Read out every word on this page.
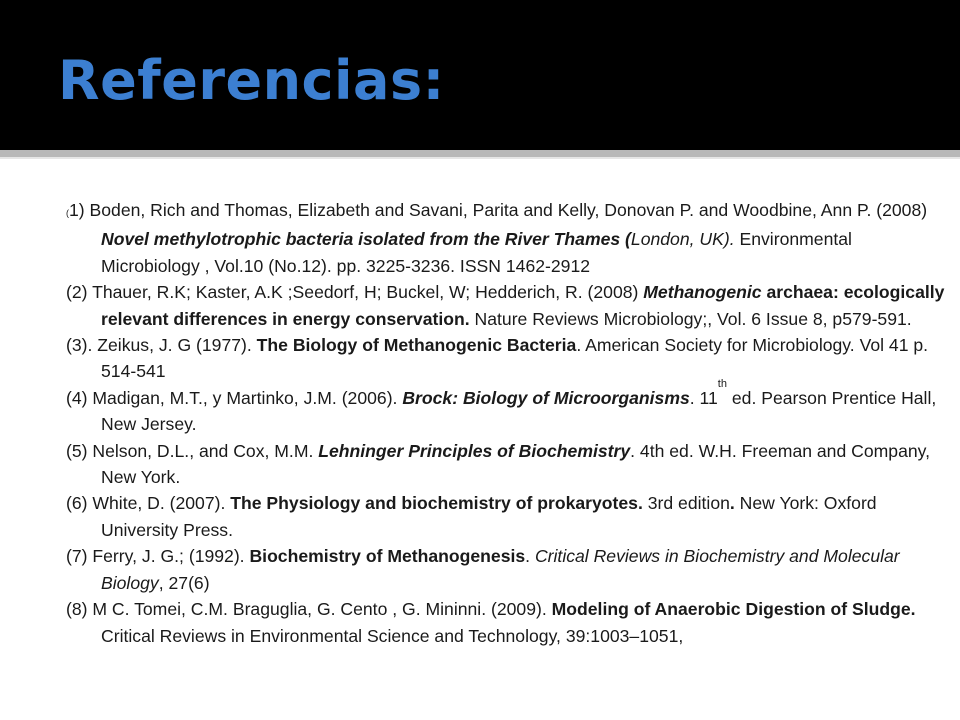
Referencias:
(1) Boden, Rich and Thomas, Elizabeth and Savani, Parita and Kelly, Donovan P. and Woodbine, Ann P. (2008) Novel methylotrophic bacteria isolated from the River Thames (London, UK). Environmental Microbiology , Vol.10 (No.12). pp. 3225-3236. ISSN 1462-2912
(2) Thauer, R.K; Kaster, A.K ;Seedorf, H; Buckel, W; Hedderich, R. (2008) Methanogenic archaea: ecologically relevant differences in energy conservation. Nature Reviews Microbiology;, Vol. 6 Issue 8, p579-591.
(3). Zeikus, J. G (1977). The Biology of Methanogenic Bacteria. American Society for Microbiology. Vol 41 p. 514-541
(4) Madigan, M.T., y Martinko, J.M. (2006). Brock: Biology of Microorganisms. 11th ed. Pearson Prentice Hall, New Jersey.
(5) Nelson, D.L., and Cox, M.M. Lehninger Principles of Biochemistry. 4th ed. W.H. Freeman and Company, New York.
(6) White, D. (2007). The Physiology and biochemistry of prokaryotes. 3rd edition. New York: Oxford University Press.
(7) Ferry, J. G.; (1992). Biochemistry of Methanogenesis. Critical Reviews in Biochemistry and Molecular Biology, 27(6)
(8) M C. Tomei, C.M. Braguglia, G. Cento , G. Mininni. (2009). Modeling of Anaerobic Digestion of Sludge. Critical Reviews in Environmental Science and Technology, 39:1003–1051,
